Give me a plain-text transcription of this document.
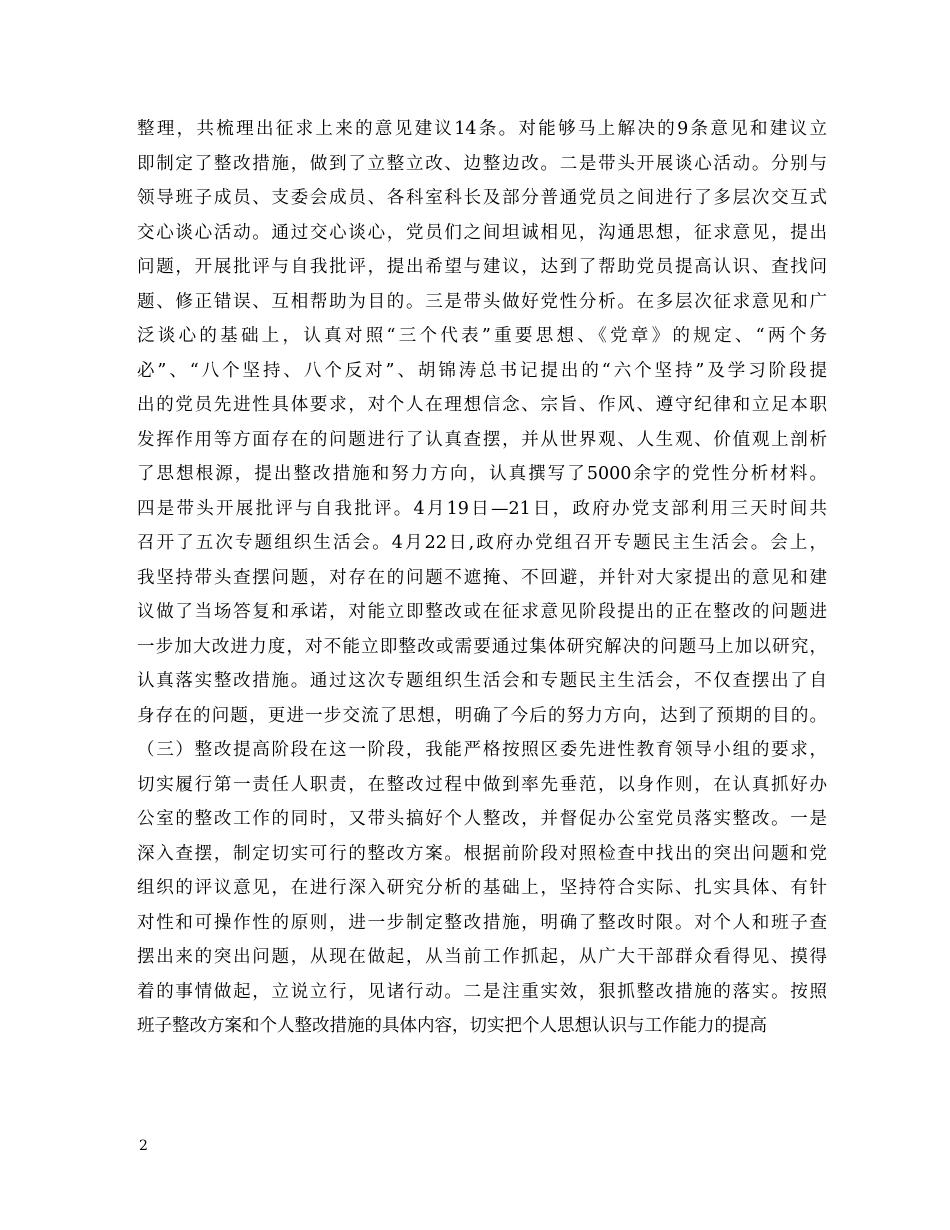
整理，共梳理出征求上来的意见建议14条。对能够马上解决的9条意见和建议立
即制定了整改措施，做到了立整立改、边整边改。二是带头开展谈心活动。分别与
领导班子成员、支委会成员、各科室科长及部分普通党员之间进行了多层次交互式
交心谈心活动。通过交心谈心，党员们之间坦诚相见，沟通思想，征求意见，提出
问题，开展批评与自我批评，提出希望与建议，达到了帮助党员提高认识、查找问
题、修正错误、互相帮助为目的。三是带头做好党性分析。在多层次征求意见和广
泛谈心的基础上，认真对照“三个代表”重要思想、《党章》的规定、“两个务
必”、“八个坚持、八个反对”、胡锦涛总书记提出的“六个坚持”及学习阶段提
出的党员先进性具体要求，对个人在理想信念、宗旨、作风、遵守纪律和立足本职
发挥作用等方面存在的问题进行了认真查摆，并从世界观、人生观、价值观上剖析
了思想根源，提出整改措施和努力方向，认真撰写了5000余字的党性分析材料。
四是带头开展批评与自我批评。4月19日—21日，政府办党支部利用三天时间共
召开了五次专题组织生活会。4月22日,政府办党组召开专题民主生活会。会上，
我坚持带头查摆问题，对存在的问题不遮掩、不回避，并针对大家提出的意见和建
议做了当场答复和承诺，对能立即整改或在征求意见阶段提出的正在整改的问题进
一步加大改进力度，对不能立即整改或需要通过集体研究解决的问题马上加以研究，
认真落实整改措施。通过这次专题组织生活会和专题民主生活会，不仅查摆出了自
身存在的问题，更进一步交流了思想，明确了今后的努力方向，达到了预期的目的。
（三）整改提高阶段在这一阶段，我能严格按照区委先进性教育领导小组的要求，
切实履行第一责任人职责，在整改过程中做到率先垂范，以身作则，在认真抓好办
公室的整改工作的同时，又带头搞好个人整改，并督促办公室党员落实整改。一是
深入查摆，制定切实可行的整改方案。根据前阶段对照检查中找出的突出问题和党
组织的评议意见，在进行深入研究分析的基础上，坚持符合实际、扎实具体、有针
对性和可操作性的原则，进一步制定整改措施，明确了整改时限。对个人和班子查
摆出来的突出问题，从现在做起，从当前工作抓起，从广大干部群众看得见、摸得
着的事情做起，立说立行，见诸行动。二是注重实效，狠抓整改措施的落实。按照
班子整改方案和个人整改措施的具体内容，切实把个人思想认识与工作能力的提高
2
